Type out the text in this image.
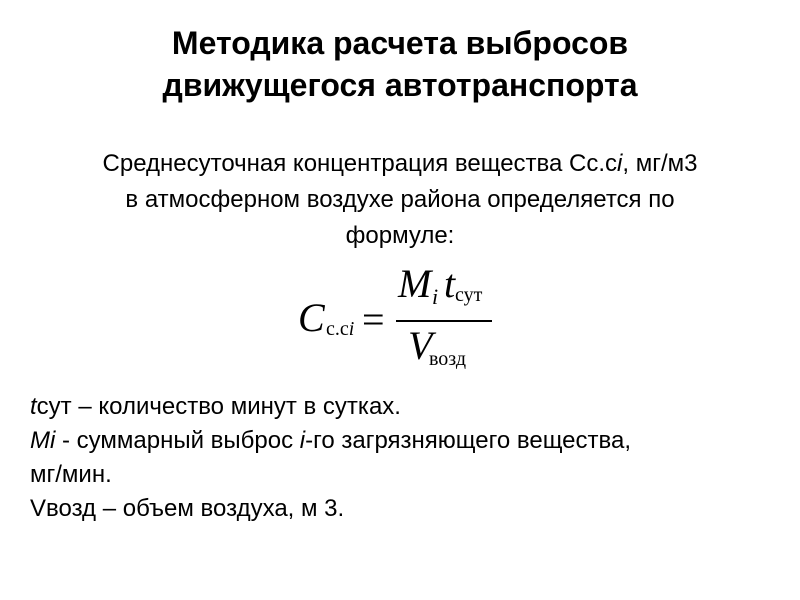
Методика расчета выбросов
движущегося автотранспорта
Среднесуточная концентрация вещества Сс.сi, мг/м3
в атмосферном воздухе района определяется по
формуле:
C с.сi =
M i t сут
V
возд
tсут – количество минут в сутках.
Mi - суммарный выброс i-го загрязняющего вещества,
мг/мин.
Vвозд – объем воздуха, м 3.
